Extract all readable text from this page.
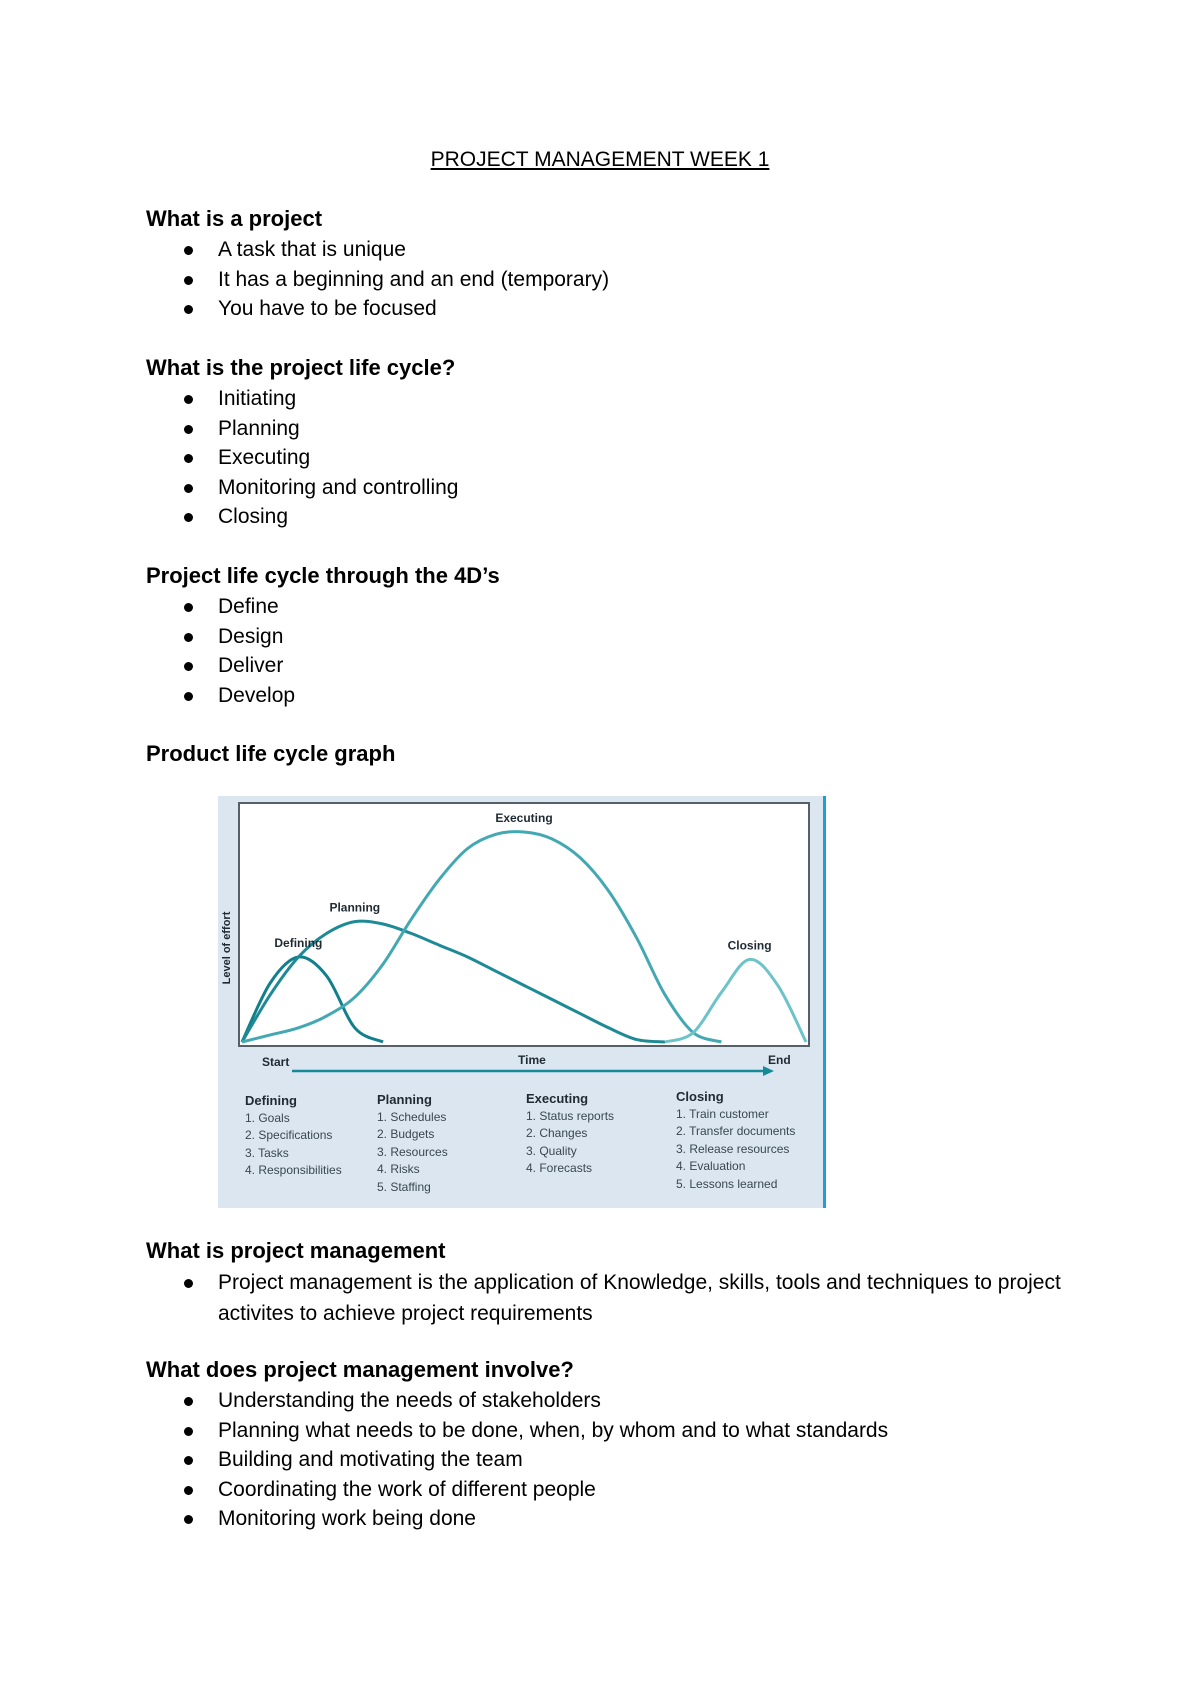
PROJECT MANAGEMENT WEEK 1
What is a project
A task that is unique
It has a beginning and an end (temporary)
You have to be focused
What is the project life cycle?
Initiating
Planning
Executing
Monitoring and controlling
Closing
Project life cycle through the 4D’s
Define
Design
Deliver
Develop
Product life cycle graph
Defining
Planning
Executing
Closing
Level of effort
Start	Time	End
Defining
1. Goals
2. Specifications
3. Tasks
4. Responsibilities
Planning
1. Schedules
2. Budgets
3. Resources
4. Risks
5. Staffing
Executing
1. Status reports
2. Changes
3. Quality
4. Forecasts
Closing
1. Train customer
2. Transfer documents
3. Release resources
4. Evaluation
5. Lessons learned
What is project management
Project management is the application of Knowledge, skills, tools and techniques to project activites to achieve project requirements
What does project management involve?
Understanding the needs of stakeholders
Planning what needs to be done, when, by whom and to what standards
Building and motivating the team
Coordinating the work of different people
Monitoring work being done
